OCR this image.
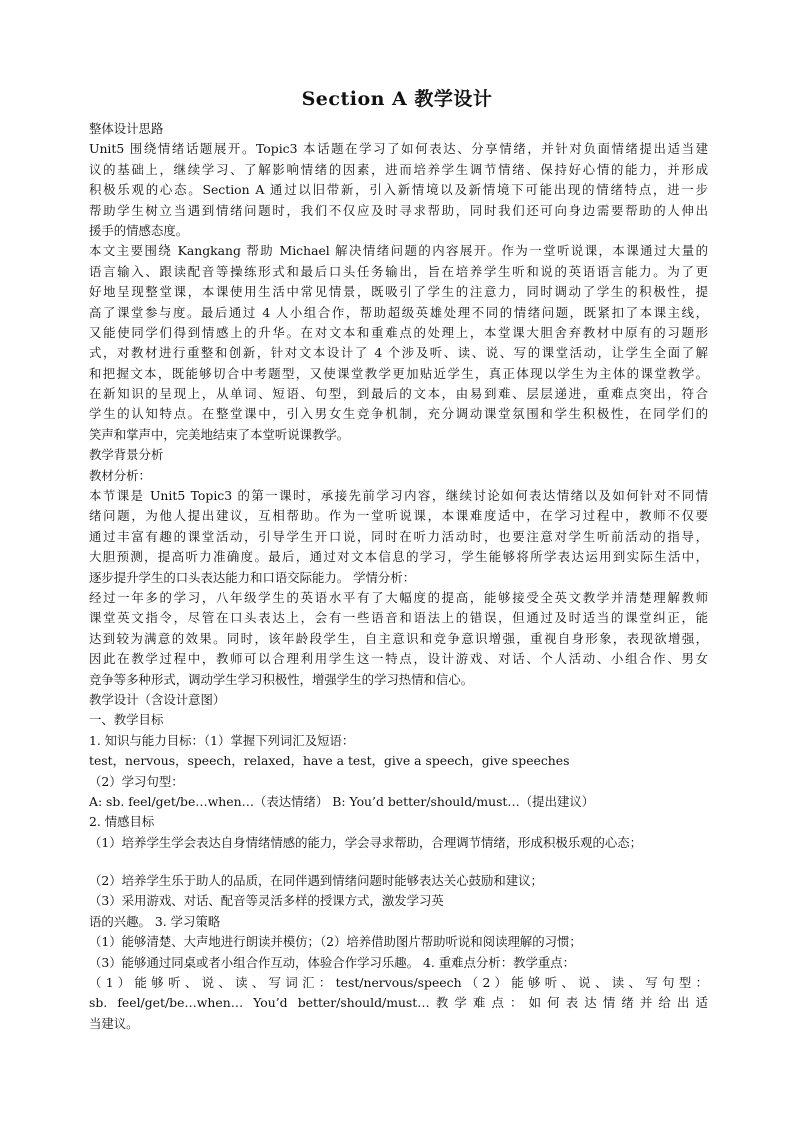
Section A 教学设计
整体设计思路
Unit5 围绕情绪话题展开。Topic3 本话题在学习了如何表达、分享情绪，并针对负面情绪提出适当建
议的基础上，继续学习、了解影响情绪的因素，进而培养学生调节情绪、保持好心情的能力，并形成
积极乐观的心态。Section A 通过以旧带新，引入新情境以及新情境下可能出现的情绪特点，进一步
帮助学生树立当遇到情绪问题时，我们不仅应及时寻求帮助，同时我们还可向身边需要帮助的人伸出
援手的情感态度。
本文主要围绕 Kangkang 帮助 Michael 解决情绪问题的内容展开。作为一堂听说课，本课通过大量的
语言输入、跟读配音等操练形式和最后口头任务输出，旨在培养学生听和说的英语语言能力。为了更
好地呈现整堂课，本课使用生活中常见情景，既吸引了学生的注意力，同时调动了学生的积极性，提
高了课堂参与度。最后通过 4 人小组合作，帮助超级英雄处理不同的情绪问题，既紧扣了本课主线，
又能使同学们得到情感上的升华。在对文本和重难点的处理上，本堂课大胆舍弃教材中原有的习题形
式，对教材进行重整和创新，针对文本设计了 4 个涉及听、读、说、写的课堂活动，让学生全面了解
和把握文本，既能够切合中考题型，又使课堂教学更加贴近学生，真正体现以学生为主体的课堂教学。
在新知识的呈现上，从单词、短语、句型，到最后的文本，由易到难、层层递进，重难点突出，符合
学生的认知特点。在整堂课中，引入男女生竞争机制，充分调动课堂氛围和学生积极性，在同学们的
笑声和掌声中，完美地结束了本堂听说课教学。
教学背景分析
教材分析：
本节课是 Unit5 Topic3 的第一课时，承接先前学习内容，继续讨论如何表达情绪以及如何针对不同情
绪问题，为他人提出建议，互相帮助。作为一堂听说课，本课难度适中，在学习过程中，教师不仅要
通过丰富有趣的课堂活动，引导学生开口说，同时在听力活动时，也要注意对学生听前活动的指导，
大胆预测，提高听力准确度。最后，通过对文本信息的学习，学生能够将所学表达运用到实际生活中，
逐步提升学生的口头表达能力和口语交际能力。 学情分析：
经过一年多的学习，八年级学生的英语水平有了大幅度的提高，能够接受全英文教学并清楚理解教师
课堂英文指令，尽管在口头表达上，会有一些语音和语法上的错误，但通过及时适当的课堂纠正，能
达到较为满意的效果。同时，该年龄段学生，自主意识和竞争意识增强，重视自身形象，表现欲增强，
因此在教学过程中，教师可以合理利用学生这一特点，设计游戏、对话、个人活动、小组合作、男女
竞争等多种形式，调动学生学习积极性，增强学生的学习热情和信心。
教学设计（含设计意图）
一、教学目标
1. 知识与能力目标：（1）掌握下列词汇及短语：
test，nervous，speech，relaxed，have a test，give a speech，give speeches
（2）学习句型：
A: sb. feel/get/be…when…（表达情绪） B: You’d better/should/must…（提出建议）
2. 情感目标
（1）培养学生学会表达自身情绪情感的能力，学会寻求帮助，合理调节情绪，形成积极乐观的心态；
（2）培养学生乐于助人的品质，在同伴遇到情绪问题时能够表达关心鼓励和建议；
（3）采用游戏、对话、配音等灵活多样的授课方式，激发学习英
语的兴趣。 3. 学习策略
（1）能够清楚、大声地进行朗读并模仿；（2）培养借助图片帮助听说和阅读理解的习惯；
（3）能够通过同桌或者小组合作互动，体验合作学习乐趣。 4. 重难点分析：教学重点：
（ 1 ） 能 够 听 、 说 、 读 、 写 词 汇 ： test/nervous/speech （ 2 ） 能 够 听 、 说 、 读 、 写 句 型 ：
sb. feel/get/be…when… You’d better/should/must…教学难点：如何表达情绪并给出适
当建议。
